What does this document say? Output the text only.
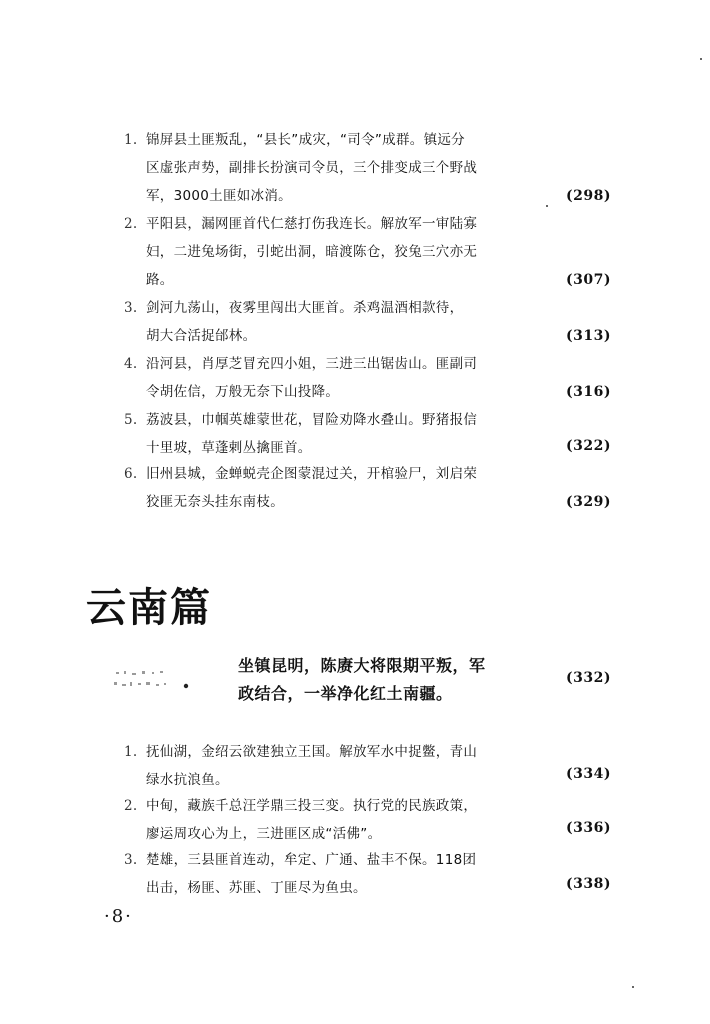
1. 锦屏县土匪叛乱，“县长”成灾，“司令”成群。镇远分
区虚张声势，副排长扮演司令员，三个排变成三个野战
军，3000土匪如冰消。	(298)
2. 平阳县，漏网匪首代仁慈打伤我连长。解放军一审陆寡
妇，二进兔场街，引蛇出洞，暗渡陈仓，狡兔三穴亦无
路。	(307)
3. 剑河九荡山，夜雾里闯出大匪首。杀鸡温酒相款待，
胡大合活捉邰林。	(313)
4. 沿河县，肖厚芝冒充四小姐，三进三出锯齿山。匪副司
令胡佐信，万般无奈下山投降。	(316)
5. 荔波县，巾帼英雄蒙世花，冒险劝降水叠山。野猪报信
十里坡，草蓬剌丛擒匪首。	(322)
6. 旧州县城，金蝉蜕壳企图蒙混过关，开棺验尸，刘启荣
狡匪无奈头挂东南枝。	(329)
云南篇
坐镇昆明，陈赓大将限期平叛，军
政结合，一举净化红土南疆。
(332)
1. 抚仙湖，金绍云欲建独立王国。解放军水中捉鳖，青山
绿水抗浪鱼。	(334)
2. 中甸，藏族千总汪学鼎三投三变。执行党的民族政策，
廖运周攻心为上，三进匪区成“活佛”。	(336)
3. 楚雄，三县匪首连动，牟定、广通、盐丰不保。118团
出击，杨匪、苏匪、丁匪尽为鱼虫。	(338)
·8·
